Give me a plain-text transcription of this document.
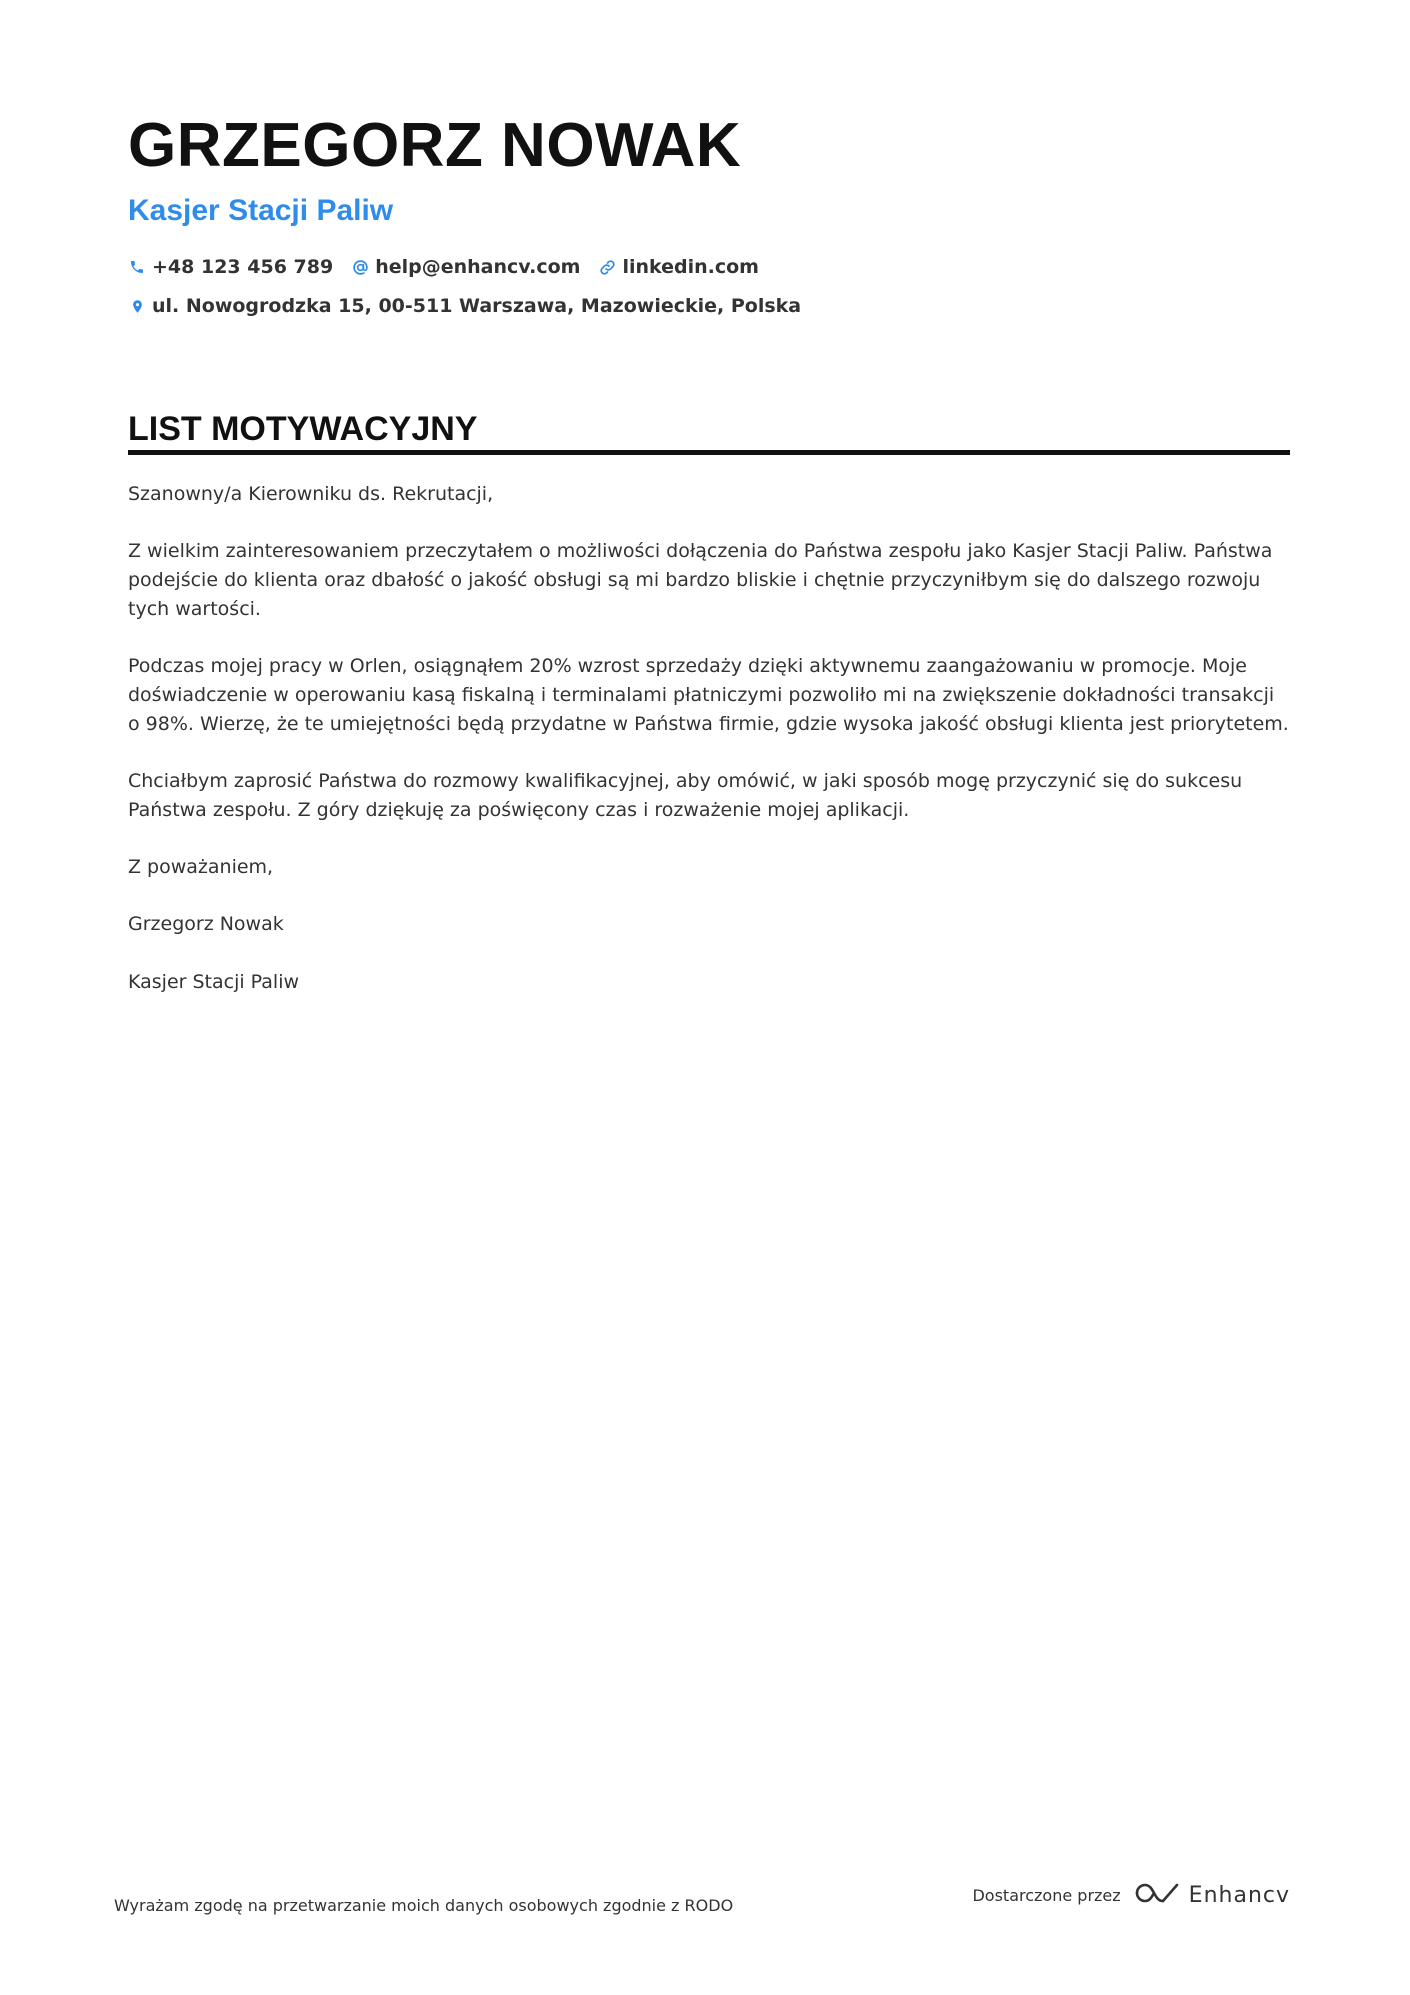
GRZEGORZ NOWAK
Kasjer Stacji Paliw
+48 123 456 789 help@enhancv.com linkedin.com
ul. Nowogrodzka 15, 00-511 Warszawa, Mazowieckie, Polska
LIST MOTYWACYJNY

Szanowny/a Kierowniku ds. Rekrutacji,

Z wielkim zainteresowaniem przeczytałem o możliwości dołączenia do Państwa zespołu jako Kasjer Stacji Paliw. Państwa podejście do klienta oraz dbałość o jakość obsługi są mi bardzo bliskie i chętnie przyczyniłbym się do dalszego rozwoju tych wartości.

Podczas mojej pracy w Orlen, osiągnąłem 20% wzrost sprzedaży dzięki aktywnemu zaangażowaniu w promocje. Moje doświadczenie w operowaniu kasą fiskalną i terminalami płatniczymi pozwoliło mi na zwiększenie dokładności transakcji o 98%. Wierzę, że te umiejętności będą przydatne w Państwa firmie, gdzie wysoka jakość obsługi klienta jest priorytetem.

Chciałbym zaprosić Państwa do rozmowy kwalifikacyjnej, aby omówić, w jaki sposób mogę przyczynić się do sukcesu Państwa zespołu. Z góry dziękuję za poświęcony czas i rozważenie mojej aplikacji.

Z poważaniem,

Grzegorz Nowak

Kasjer Stacji Paliw

Wyrażam zgodę na przetwarzanie moich danych osobowych zgodnie z RODO
Dostarczone przez	Enhancv
